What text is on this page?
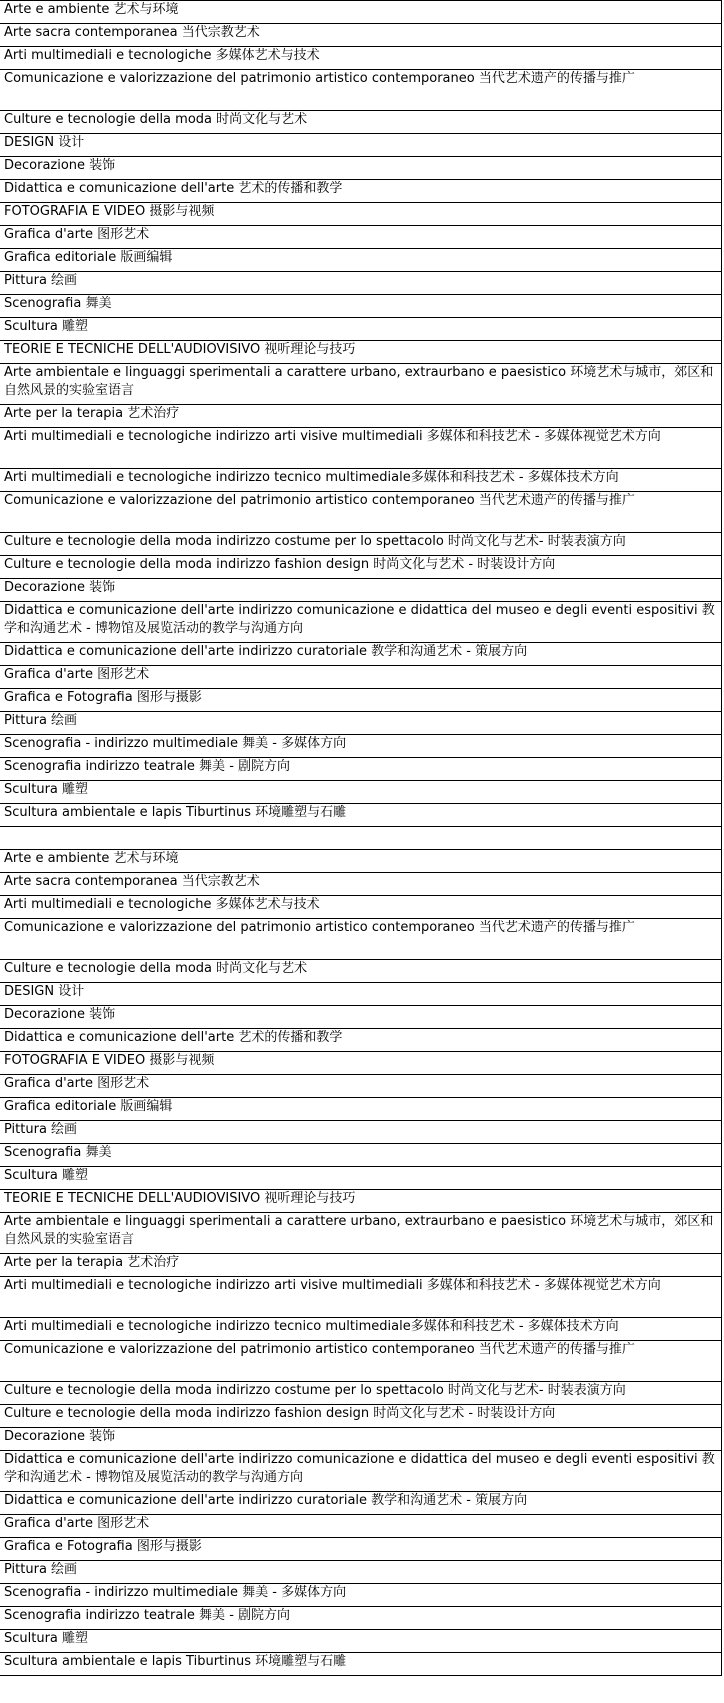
Arte e ambiente 艺术与环境
Arte sacra contemporanea 当代宗教艺术
Arti multimediali e tecnologiche 多媒体艺术与技术
Comunicazione e valorizzazione del patrimonio artistico contemporaneo 当代艺术遗产的传播与推广
Culture e tecnologie della moda 时尚文化与艺术
DESIGN 设计
Decorazione 装饰
Didattica e comunicazione dell'arte 艺术的传播和教学
FOTOGRAFIA E VIDEO 摄影与视频
Grafica d'arte 图形艺术
Grafica editoriale 版画编辑
Pittura 绘画
Scenografia 舞美
Scultura 雕塑
TEORIE E TECNICHE DELL'AUDIOVISIVO 视听理论与技巧
Arte ambientale e linguaggi sperimentali a carattere urbano, extraurbano e paesistico 环境艺术与城市，郊区和自然风景的实验室语言
Arte per la terapia 艺术治疗
Arti multimediali e tecnologiche indirizzo arti visive multimediali 多媒体和科技艺术 - 多媒体视觉艺术方向
Arti multimediali e tecnologiche indirizzo tecnico multimediale多媒体和科技艺术 - 多媒体技术方向
Comunicazione e valorizzazione del patrimonio artistico contemporaneo 当代艺术遗产的传播与推广
Culture e tecnologie della moda indirizzo costume per lo spettacolo 时尚文化与艺术- 时装表演方向
Culture e tecnologie della moda indirizzo fashion design 时尚文化与艺术 - 时装设计方向
Decorazione 装饰
Didattica e comunicazione dell'arte indirizzo comunicazione e didattica del museo e degli eventi espositivi 教学和沟通艺术 - 博物馆及展览活动的教学与沟通方向
Didattica e comunicazione dell'arte indirizzo curatoriale 教学和沟通艺术 - 策展方向
Grafica d'arte 图形艺术
Grafica e Fotografia 图形与摄影
Pittura 绘画
Scenografia - indirizzo multimediale 舞美 - 多媒体方向
Scenografia indirizzo teatrale 舞美 - 剧院方向
Scultura 雕塑
Scultura ambientale e lapis Tiburtinus 环境雕塑与石雕

Arte e ambiente 艺术与环境
Arte sacra contemporanea 当代宗教艺术
Arti multimediali e tecnologiche 多媒体艺术与技术
Comunicazione e valorizzazione del patrimonio artistico contemporaneo 当代艺术遗产的传播与推广
Culture e tecnologie della moda 时尚文化与艺术
DESIGN 设计
Decorazione 装饰
Didattica e comunicazione dell'arte 艺术的传播和教学
FOTOGRAFIA E VIDEO 摄影与视频
Grafica d'arte 图形艺术
Grafica editoriale 版画编辑
Pittura 绘画
Scenografia 舞美
Scultura 雕塑
TEORIE E TECNICHE DELL'AUDIOVISIVO 视听理论与技巧
Arte ambientale e linguaggi sperimentali a carattere urbano, extraurbano e paesistico 环境艺术与城市，郊区和自然风景的实验室语言
Arte per la terapia 艺术治疗
Arti multimediali e tecnologiche indirizzo arti visive multimediali 多媒体和科技艺术 - 多媒体视觉艺术方向
Arti multimediali e tecnologiche indirizzo tecnico multimediale多媒体和科技艺术 - 多媒体技术方向
Comunicazione e valorizzazione del patrimonio artistico contemporaneo 当代艺术遗产的传播与推广
Culture e tecnologie della moda indirizzo costume per lo spettacolo 时尚文化与艺术- 时装表演方向
Culture e tecnologie della moda indirizzo fashion design 时尚文化与艺术 - 时装设计方向
Decorazione 装饰
Didattica e comunicazione dell'arte indirizzo comunicazione e didattica del museo e degli eventi espositivi 教学和沟通艺术 - 博物馆及展览活动的教学与沟通方向
Didattica e comunicazione dell'arte indirizzo curatoriale 教学和沟通艺术 - 策展方向
Grafica d'arte 图形艺术
Grafica e Fotografia 图形与摄影
Pittura 绘画
Scenografia - indirizzo multimediale 舞美 - 多媒体方向
Scenografia indirizzo teatrale 舞美 - 剧院方向
Scultura 雕塑
Scultura ambientale e lapis Tiburtinus 环境雕塑与石雕
